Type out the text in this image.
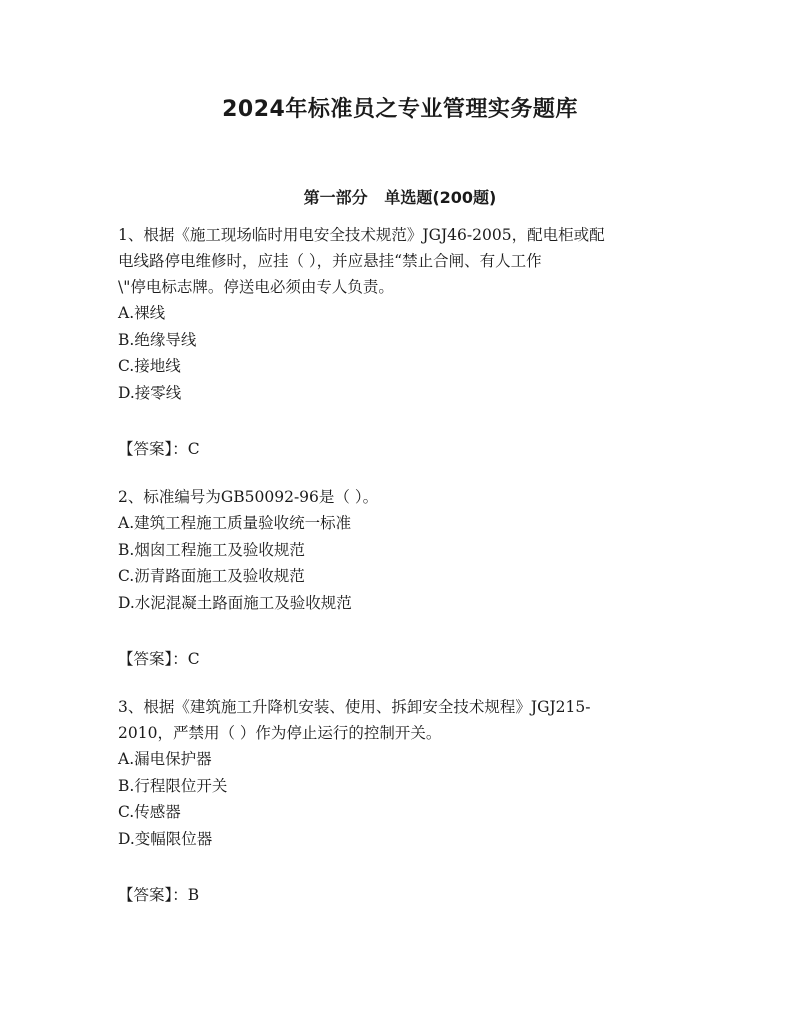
2024年标准员之专业管理实务题库
第一部分   单选题(200题)

1、根据《施工现场临时用电安全技术规范》JGJ46-2005，配电柜或配

电线路停电维修时，应挂（ ），并应悬挂“禁止合闸、有人工作

\"停电标志牌。停送电必须由专人负责。

A.裸线

B.绝缘导线

C.接地线

D.接零线

【答案】：C

2、标准编号为GB50092-96是（ ）。

A.建筑工程施工质量验收统一标准

B.烟囱工程施工及验收规范

C.沥青路面施工及验收规范

D.水泥混凝土路面施工及验收规范

【答案】：C

3、根据《建筑施工升降机安装、使用、拆卸安全技术规程》JGJ215-

2010，严禁用（ ）作为停止运行的控制开关。

A.漏电保护器

B.行程限位开关

C.传感器

D.变幅限位器

【答案】：B
